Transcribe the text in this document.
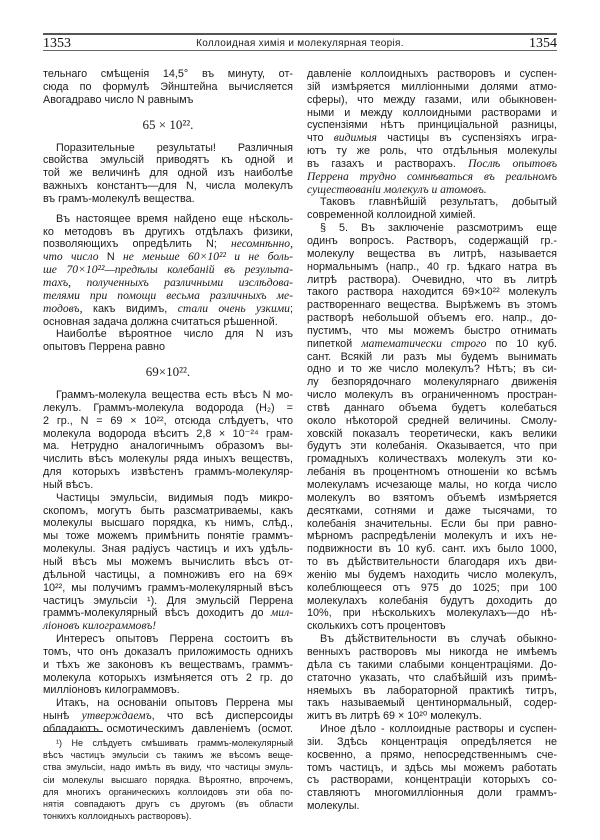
1353	Коллоидная химія и молекулярная теорія.	1354
тельнаго смѣщенія 14,5° въ минуту, от-
сюда по формулѣ Эйнштейна вычисляется
Авогадраво число N равнымъ
65 × 10²².
Поразительные результаты! Различныя
свойства эмульсій приводятъ къ одной и
той же величинѣ для одной изъ наиболѣе
важныхъ константъ—для N, числа молекулъ
въ грамъ-молекулѣ вещества.
Въ настоящее время найдено еще нѣсколь-
ко методовъ въ другихъ отдѣлахъ физики,
позволяющихъ опредѣлить N; несомнѣнно,
что число N не меньше 60×10²² и не боль-
ше 70×10²²—предѣлы колебаній въ результа-
тахъ, полученныхъ различными изслѣдова-
телями при помощи весьма различныхъ ме-
тодовъ, какъ видимъ, стали очень узкими;
основная задача должна считаться рѣшенной.
Наиболѣе вѣроятное число для N изъ
опытовъ Перрена равно
69×10²².
Граммъ-молекула вещества есть вѣсъ N мо-
лекулъ. Граммъ-молекула водорода (H₂) =
2 гр., N = 69 × 10²², отсюда слѣдуетъ, что
молекула водорода вѣситъ 2,8 × 10⁻²⁴ грам-
ма. Нетрудно аналогичнымъ образомъ вы-
числить вѣсъ молекулы ряда иныхъ веществъ,
для которыхъ извѣстенъ граммъ-молекуляр-
ный вѣсъ.
Частицы эмульсіи, видимыя подъ микро-
скопомъ, могутъ быть разсматриваемы, какъ
молекулы высшаго порядка, къ нимъ, слѣд.,
мы тоже можемъ примѣнить понятіе граммъ-
молекулы. Зная радіусъ частицъ и ихъ удѣль-
ный вѣсъ мы можемъ вычислить вѣсъ от-
дѣльной частицы, а помноживъ его на 69×
10²², мы получимъ граммъ-молекулярный вѣсъ
частицъ эмульсіи ¹). Для эмульсій Перрена
граммъ-молекулярный вѣсъ доходитъ до мил-
ліоновъ килограммовъ!
Интересъ опытовъ Перрена состоитъ въ
томъ, что онъ доказалъ приложимость однихъ
и тѣхъ же законовъ къ веществамъ, граммъ-
молекула которыхъ измѣняется отъ 2 гр. до
милліоновъ килограммовъ.
Итакъ, на основаніи опытовъ Перрена мы
нынѣ утверждаемъ, что всѣ дисперсоиды
обладаютъ осмотическимъ давленіемъ (осмот.
давленіе коллоидныхъ растворовъ и суспен-
зій измѣряется милліонными долями атмо-
сферы), что между газами, или обыкновен-
ными и между коллоидными растворами и
суспензіями нѣтъ принциціальной разницы,
что видимыя частицы въ суспензіяхъ игра-
ютъ ту же роль, что отдѣльныя молекулы
въ газахъ и растворахъ. Послѣ опытовъ
Перрена трудно сомнѣваться въ реальномъ
существованіи молекулъ и атомовъ.
Таковъ главнѣйшій результатъ, добытый
современной коллоидной химіей.
§ 5. Въ заключеніе разсмотримъ еще
одинъ вопросъ. Растворъ, содержащій гр.-
молекулу вещества въ литрѣ, называется
нормальнымъ (напр., 40 гр. ѣдкаго натра въ
литрѣ раствора). Очевидно, что въ литрѣ
такого раствора находится 69×10²² молекулъ
раствореннаго вещества. Вырѣжемъ въ этомъ
растворѣ небольшой объемъ его. напр., до-
пустимъ, что мы можемъ быстро отнимать
пипеткой математически строго по 10 куб.
сант. Всякій ли разъ мы будемъ вынимать
одно и то же число молекулъ? Нѣтъ; въ си-
лу безпорядочнаго молекулярнаго движенія
число молекулъ въ ограниченномъ простран-
ствѣ даннаго объема будетъ колебаться
около нѣкоторой средней величины. Смолу-
ховскій показалъ теоретически, какъ велики
будутъ эти колебанія. Оказывается, что при
громадныхъ количествахъ молекулъ эти ко-
лебанія въ процентномъ отношеніи ко всѣмъ
молекуламъ исчезающе малы, но когда число
молекулъ во взятомъ объемѣ измѣряется
десятками, сотнями и даже тысячами, то
колебанія значительны. Если бы при равно-
мѣрномъ распредѣленіи молекулъ и ихъ не-
подвижности въ 10 куб. сант. ихъ было 1000,
то въ дѣйствительности благодаря ихъ дви-
женію мы будемъ находить число молекулъ,
колеблющееся отъ 975 до 1025; при 100
молекулахъ колебанія будутъ доходить до
10%, при нѣсколькихъ молекулахъ—до нѣ-
сколькихъ сотъ процентовъ
Въ дѣйствительности въ случаѣ обыкно-
венныхъ растворовъ мы никогда не имѣемъ
дѣла съ такими слабыми концентраціями. До-
статочно указать, что слабѣйшій изъ примѣ-
няемыхъ въ лабораторной практикѣ титръ,
такъ называемый центинормальный, содер-
житъ въ литрѣ 69 × 10²⁰ молекулъ.
Иное дѣло - коллоидные растворы и суспен-
зіи. Здѣсь концентрація опредѣляется не
косвенно, а прямо, непосредственнымъ сче-
томъ частицъ, и здѣсь мы можемъ работать
съ растворами, концентраціи которыхъ со-
ставляютъ многомилліонныя доли граммъ-
молекулы.
¹) Не слѣдуетъ смѣшивать граммъ-молекулярный
вѣсъ частицъ эмульсіи съ такимъ же вѣсомъ веще-
ства эмульсіи, надо имѣть въ виду, что частицы эмуль-
сіи молекулы высшаго порядка. Вѣроятно, впрочемъ,
для многихъ органическихъ коллоидовъ эти оба по-
нятія совпадаютъ другъ съ другомъ (въ области
тонкихъ коллоидныхъ растворовъ).
